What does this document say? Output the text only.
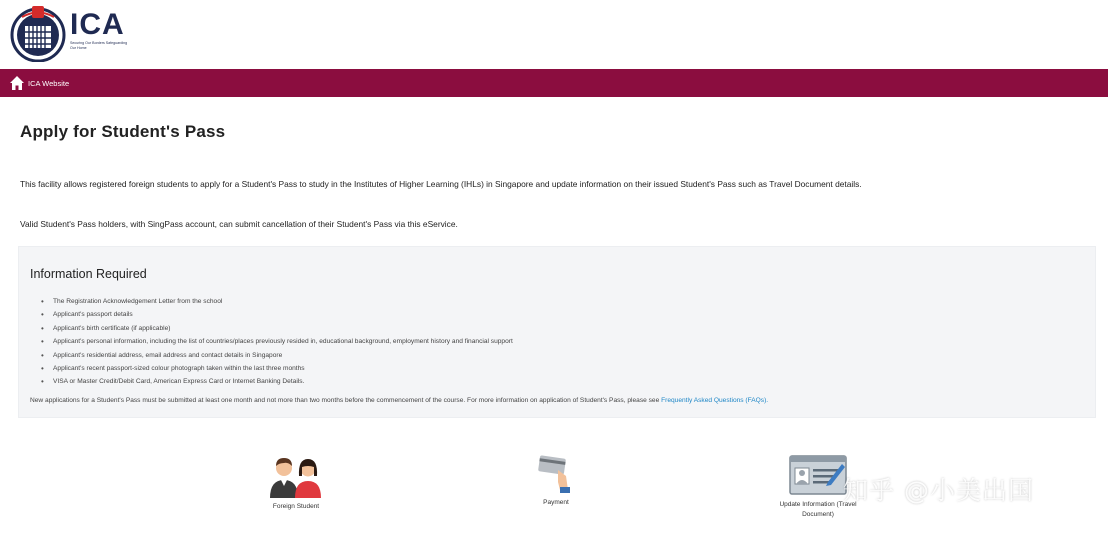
ICA
Securing Our Borders Safeguarding Our Home
ICA Website
Apply for Student's Pass
This facility allows registered foreign students to apply for a Student's Pass to study in the Institutes of Higher Learning (IHLs) in Singapore and update information on their issued Student's Pass such as Travel Document details.
Valid Student's Pass holders, with SingPass account, can submit cancellation of their Student's Pass via this eService.
Information Required
• The Registration Acknowledgement Letter from the school
• Applicant's passport details
• Applicant's birth certificate (if applicable)
• Applicant's personal information, including the list of countries/places previously resided in, educational background, employment history and financial support
• Applicant's residential address, email address and contact details in Singapore
• Applicant's recent passport-sized colour photograph taken within the last three months
• VISA or Master Credit/Debit Card, American Express Card or Internet Banking Details.
New applications for a Student's Pass must be submitted at least one month and not more than two months before the commencement of the course. For more information on application of Student's Pass, please see Frequently Asked Questions (FAQs).
Foreign Student
Payment	Update Information (Travel Document)
知乎 @小美出国
